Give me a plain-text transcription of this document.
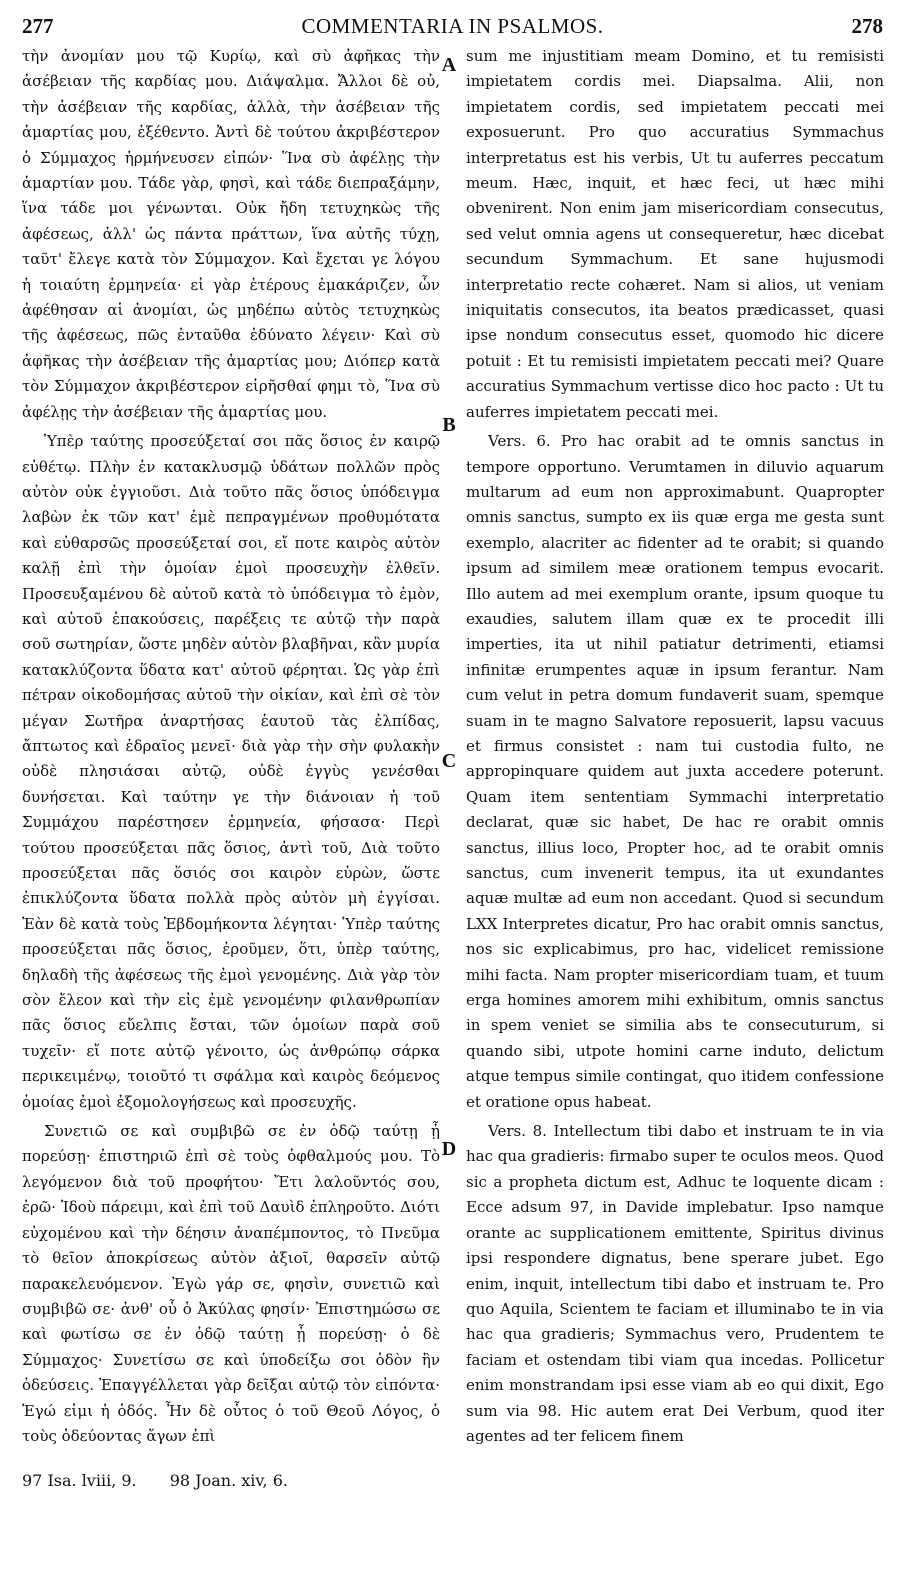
277	COMMENTARIA IN PSALMOS.	278

τὴν ἀνομίαν μου τῷ Κυρίῳ, καὶ σὺ ἀφῆκας τὴν ἀσέβειαν τῆς καρδίας μου. Διάψαλμα. Ἄλλοι δὲ οὐ, τὴν ἀσέβειαν τῆς καρδίας, ἀλλὰ, τὴν ἀσέβειαν τῆς ἁμαρτίας μου, ἐξέθεντο. Ἀντὶ δὲ τούτου ἀκριβέστερον ὁ Σύμμαχος ἡρμήνευσεν εἰπών· Ἵνα σὺ ἀφέλῃς τὴν ἁμαρτίαν μου. Τάδε γὰρ, φησὶ, καὶ τάδε διεπραξάμην, ἵνα τάδε μοι γένωνται. Οὐκ ἤδη τετυχηκὼς τῆς ἀφέσεως, ἀλλ' ὡς πάντα πράττων, ἵνα αὐτῆς τύχῃ, ταῦτ' ἔλεγε κατὰ τὸν Σύμμαχον. Καὶ ἔχεται γε λόγου ἡ τοιαύτη ἑρμηνεία· εἰ γὰρ ἑτέρους ἐμακάριζεν, ὧν ἀφέθησαν αἱ ἀνομίαι, ὡς μηδέπω αὐτὸς τετυχηκὼς τῆς ἀφέσεως, πῶς ἐνταῦθα ἐδύνατο λέγειν· Καὶ σὺ ἀφῆκας τὴν ἀσέβειαν τῆς ἁμαρτίας μου; Διόπερ κατὰ τὸν Σύμμαχον ἀκριβέστερον εἰρῆσθαί φημι τὸ, Ἵνα σὺ ἀφέλῃς τὴν ἀσέβειαν τῆς ἁμαρτίας μου.

Ὑπὲρ ταύτης προσεύξεταί σοι πᾶς ὅσιος ἐν καιρῷ εὐθέτῳ. Πλὴν ἐν κατακλυσμῷ ὑδάτων πολλῶν πρὸς αὐτὸν οὐκ ἐγγιοῦσι. Διὰ τοῦτο πᾶς ὅσιος ὑπόδειγμα λαβὼν ἐκ τῶν κατ' ἐμὲ πεπραγμένων προθυμότατα καὶ εὐθαρσῶς προσεύξεταί σοι, εἴ ποτε καιρὸς αὐτὸν καλῇ ἐπὶ τὴν ὁμοίαν ἐμοὶ προσευχὴν ἐλθεῖν. Προσευξαμένου δὲ αὐτοῦ κατὰ τὸ ὑπόδειγμα τὸ ἐμὸν, καὶ αὐτοῦ ἐπακούσεις, παρέξεις τε αὐτῷ τὴν παρὰ σοῦ σωτηρίαν, ὥστε μηδὲν αὐτὸν βλαβῆναι, κἂν μυρία κατακλύζοντα ὕδατα κατ' αὐτοῦ φέρηται. Ὡς γὰρ ἐπὶ πέτραν οἰκοδομήσας αὐτοῦ τὴν οἰκίαν, καὶ ἐπὶ σὲ τὸν μέγαν Σωτῆρα ἀναρτήσας ἑαυτοῦ τὰς ἐλπίδας, ἄπτωτος καὶ ἑδραῖος μενεῖ· διὰ γὰρ τὴν σὴν φυλακὴν οὐδὲ πλησιάσαι αὐτῷ, οὐδὲ ἐγγὺς γενέσθαι δυνήσεται. Καὶ ταύτην γε τὴν διάνοιαν ἡ τοῦ Συμμάχου παρέστησεν ἑρμηνεία, φήσασα· Περὶ τούτου προσεύξεται πᾶς ὅσιος, ἀντὶ τοῦ, Διὰ τοῦτο προσεύξεται πᾶς ὅσιός σοι καιρὸν εὑρὼν, ὥστε ἐπικλύζοντα ὕδατα πολλὰ πρὸς αὐτὸν μὴ ἐγγίσαι. Ἐὰν δὲ κατὰ τοὺς Ἑβδομήκοντα λέγηται· Ὑπὲρ ταύτης προσεύξεται πᾶς ὅσιος, ἐροῦμεν, ὅτι, ὑπὲρ ταύτης, δηλαδὴ τῆς ἀφέσεως τῆς ἐμοὶ γενομένης. Διὰ γὰρ τὸν σὸν ἔλεον καὶ τὴν εἰς ἐμὲ γενομένην φιλανθρωπίαν πᾶς ὅσιος εὔελπις ἔσται, τῶν ὁμοίων παρὰ σοῦ τυχεῖν· εἴ ποτε αὐτῷ γένοιτο, ὡς ἀνθρώπῳ σάρκα περικειμένῳ, τοιοῦτό τι σφάλμα καὶ καιρὸς δεόμενος ὁμοίας ἐμοὶ ἐξομολογήσεως καὶ προσευχῆς.

Συνετιῶ σε καὶ συμβιβῶ σε ἐν ὁδῷ ταύτῃ ᾗ πορεύσῃ· ἐπιστηριῶ ἐπὶ σὲ τοὺς ὀφθαλμούς μου. Τὸ λεγόμενον διὰ τοῦ προφήτου· Ἔτι λαλοῦντός σου, ἐρῶ· Ἰδοὺ πάρειμι, καὶ ἐπὶ τοῦ Δαυὶδ ἐπληροῦτο. Διότι εὐχομένου καὶ τὴν δέησιν ἀναπέμποντος, τὸ Πνεῦμα τὸ θεῖον ἀποκρίσεως αὐτὸν ἀξιοῖ, θαρσεῖν αὐτῷ παρακελευόμενον. Ἐγὼ γάρ σε, φησὶν, συνετιῶ καὶ συμβιβῶ σε· ἀνθ' οὗ ὁ Ἀκύλας φησίν· Ἐπιστημώσω σε καὶ φωτίσω σε ἐν ὁδῷ ταύτῃ ᾗ πορεύσῃ· ὁ δὲ Σύμμαχος· Συνετίσω σε καὶ ὑποδείξω σοι ὁδὸν ἣν ὁδεύσεις. Ἐπαγγέλλεται γὰρ δεῖξαι αὐτῷ τὸν εἰπόντα· Ἐγώ εἰμι ἡ ὁδός. Ἦν δὲ οὗτος ὁ τοῦ Θεοῦ Λόγος, ὁ τοὺς ὁδεύοντας ἄγων ἐπὶ

A
B
C
D

sum me injustitiam meam Domino, et tu remisisti impietatem cordis mei. Diapsalma. Alii, non impietatem cordis, sed impietatem peccati mei exposuerunt. Pro quo accuratius Symmachus interpretatus est his verbis, Ut tu auferres peccatum meum. Hæc, inquit, et hæc feci, ut hæc mihi obvenirent. Non enim jam misericordiam consecutus, sed velut omnia agens ut consequeretur, hæc dicebat secundum Symmachum. Et sane hujusmodi interpretatio recte cohæret. Nam si alios, ut veniam iniquitatis consecutos, ita beatos prædicasset, quasi ipse nondum consecutus esset, quomodo hic dicere potuit : Et tu remisisti impietatem peccati mei? Quare accuratius Symmachum vertisse dico hoc pacto : Ut tu auferres impietatem peccati mei.

Vers. 6. Pro hac orabit ad te omnis sanctus in tempore opportuno. Verumtamen in diluvio aquarum multarum ad eum non approximabunt. Quapropter omnis sanctus, sumpto ex iis quæ erga me gesta sunt exemplo, alacriter ac fidenter ad te orabit; si quando ipsum ad similem meæ orationem tempus evocarit. Illo autem ad mei exemplum orante, ipsum quoque tu exaudies, salutem illam quæ ex te procedit illi imperties, ita ut nihil patiatur detrimenti, etiamsi infinitæ erumpentes aquæ in ipsum ferantur. Nam cum velut in petra domum fundaverit suam, spemque suam in te magno Salvatore reposuerit, lapsu vacuus et firmus consistet : nam tui custodia fulto, ne appropinquare quidem aut juxta accedere poterunt. Quam item sententiam Symmachi interpretatio declarat, quæ sic habet, De hac re orabit omnis sanctus, illius loco, Propter hoc, ad te orabit omnis sanctus, cum invenerit tempus, ita ut exundantes aquæ multæ ad eum non accedant. Quod si secundum LXX Interpretes dicatur, Pro hac orabit omnis sanctus, nos sic explicabimus, pro hac, videlicet remissione mihi facta. Nam propter misericordiam tuam, et tuum erga homines amorem mihi exhibitum, omnis sanctus in spem veniet se similia abs te consecuturum, si quando sibi, utpote homini carne induto, delictum atque tempus simile contingat, quo itidem confessione et oratione opus habeat.

Vers. 8. Intellectum tibi dabo et instruam te in via hac qua gradieris: firmabo super te oculos meos. Quod sic a propheta dictum est, Adhuc te loquente dicam : Ecce adsum 97, in Davide implebatur. Ipso namque orante ac supplicationem emittente, Spiritus divinus ipsi respondere dignatus, bene sperare jubet. Ego enim, inquit, intellectum tibi dabo et instruam te. Pro quo Aquila, Scientem te faciam et illuminabo te in via hac qua gradieris; Symmachus vero, Prudentem te faciam et ostendam tibi viam qua incedas. Pollicetur enim monstrandam ipsi esse viam ab eo qui dixit, Ego sum via 98. Hic autem erat Dei Verbum, quod iter agentes ad ter felicem finem

97 Isa. lviii, 9. 98 Joan. xiv, 6.
